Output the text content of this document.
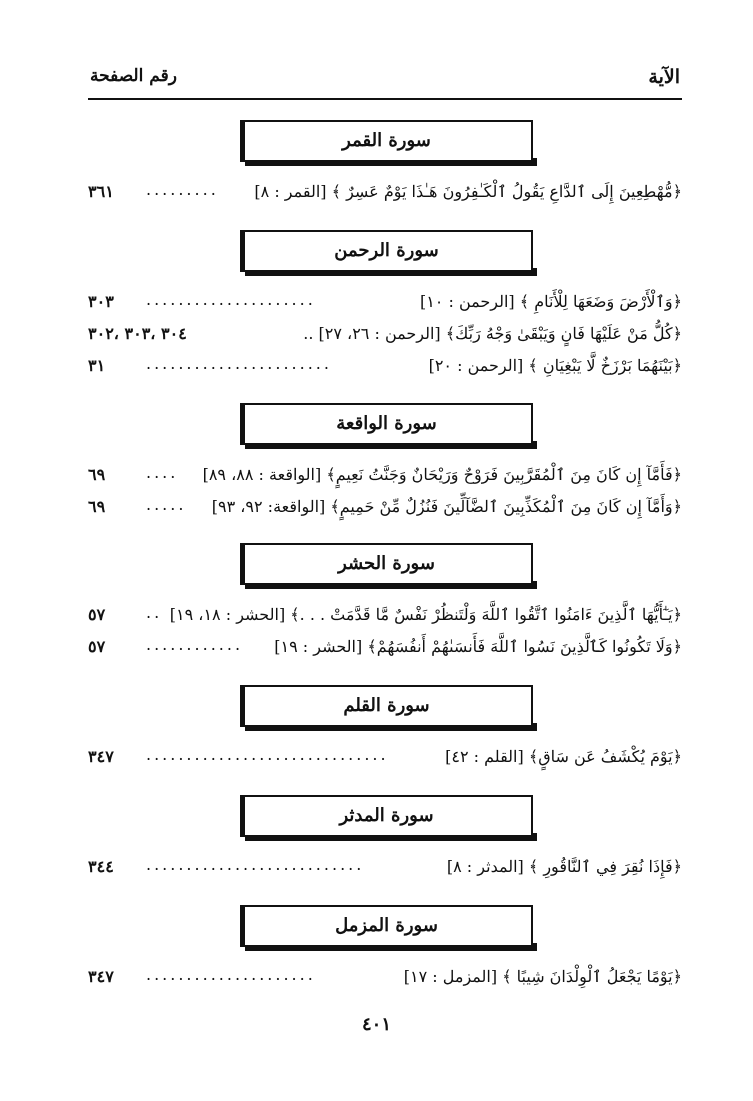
الآية
رقم الصفحة
سورة القمر
﴿مُّهْطِعِينَ إِلَى ٱلدَّاعِ يَقُولُ ٱلْكَـٰفِرُونَ هَـٰذَا يَوْمٌ عَسِرٌ ﴾ [القمر : ٨]
.........
٣٦١
سورة الرحمن
﴿وَٱلْأَرْضَ وَضَعَهَا لِلْأَنَامِ ﴾ [الرحمن : ١٠]
.....................
٣٠٣
﴿كُلُّ مَنْ عَلَيْهَا فَانٍ وَيَبْقَىٰ وَجْهُ رَبِّكَ﴾ [الرحمن : ٢٦، ٢٧] ..
٣٠٤ ،٣٠٣ ،٣٠٢
﴿بَيْنَهُمَا بَرْزَخٌ لَّا يَبْغِيَانِ ﴾ [الرحمن : ٢٠]
.......................
٣١
سورة الواقعة
﴿فَأَمَّآ إِن كَانَ مِنَ ٱلْمُقَرَّبِينَ فَرَوْحٌ وَرَيْحَانٌ وَجَنَّتُ نَعِيمٍ﴾ [الواقعة : ٨٨، ٨٩]
....
٦٩
﴿وَأَمَّآ إِن كَانَ مِنَ ٱلْمُكَذِّبِينَ ٱلضَّآلِّينَ فَنُزُلٌ مِّنْ حَمِيمٍ﴾ [الواقعة: ٩٢، ٩٣]
.....
٦٩
سورة الحشر
﴿يَـٰٓأَيُّهَا ٱلَّذِينَ ءَامَنُوا ٱتَّقُوا ٱللَّهَ وَلْتَنظُرْ نَفْسٌ مَّا قَدَّمَتْ . . .﴾ [الحشر : ١٨، ١٩]
..
٥٧
﴿وَلَا تَكُونُوا كَٱلَّذِينَ نَسُوا ٱللَّهَ فَأَنسَىٰهُمْ أَنفُسَهُمْ﴾ [الحشر : ١٩]
............
٥٧
سورة القلم
﴿يَوْمَ يُكْشَفُ عَن سَاقٍ﴾ [القلم : ٤٢]
..............................
٣٤٧
سورة المدثر
﴿فَإِذَا نُقِرَ فِي ٱلنَّاقُورِ ﴾ [المدثر : ٨]
...........................
٣٤٤
سورة المزمل
﴿يَوْمًا يَجْعَلُ ٱلْوِلْدَانَ شِيبًا ﴾ [المزمل : ١٧]
.....................
٣٤٧
٤٠١
